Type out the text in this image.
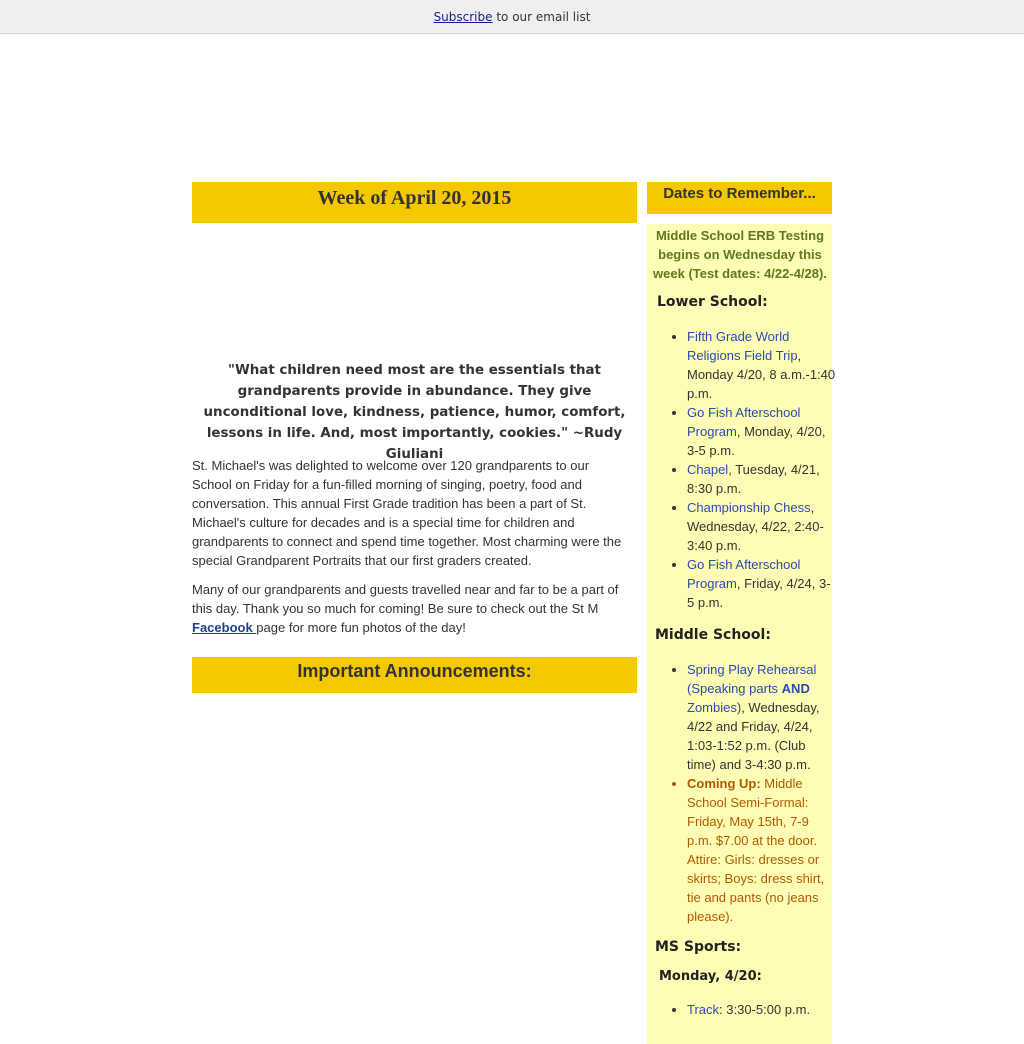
Subscribe to our email list
Week of April 20, 2015
"What children need most are the essentials that grandparents provide in abundance. They give unconditional love, kindness, patience, humor, comfort, lessons in life. And, most importantly, cookies." ~Rudy Giuliani
St. Michael's was delighted to welcome over 120 grandparents to our School on Friday for a fun-filled morning of singing, poetry, food and conversation. This annual First Grade tradition has been a part of St. Michael's culture for decades and is a special time for children and grandparents to connect and spend time together. Most charming were the special Grandparent Portraits that our first graders created.
Many of our grandparents and guests travelled near and far to be a part of this day. Thank you so much for coming! Be sure to check out the St M Facebook page for more fun photos of the day!
Important Announcements:
Dates to Remember...
Middle School ERB Testing begins on Wednesday this week (Test dates: 4/22-4/28).
Lower School:
• Fifth Grade World Religions Field Trip, Monday 4/20, 8 a.m.-1:40 p.m.
• Go Fish Afterschool Program, Monday, 4/20, 3-5 p.m.
• Chapel, Tuesday, 4/21, 8:30 p.m.
• Championship Chess, Wednesday, 4/22, 2:40-3:40 p.m.
• Go Fish Afterschool Program, Friday, 4/24, 3-5 p.m.
Middle School:
• Spring Play Rehearsal (Speaking parts AND Zombies), Wednesday, 4/22 and Friday, 4/24, 1:03-1:52 p.m. (Club time) and 3-4:30 p.m.
• Coming Up: Middle School Semi-Formal: Friday, May 15th, 7-9 p.m. $7.00 at the door. Attire: Girls: dresses or skirts; Boys: dress shirt, tie and pants (no jeans please).
MS Sports:
Monday, 4/20:
• Track: 3:30-5:00 p.m.
